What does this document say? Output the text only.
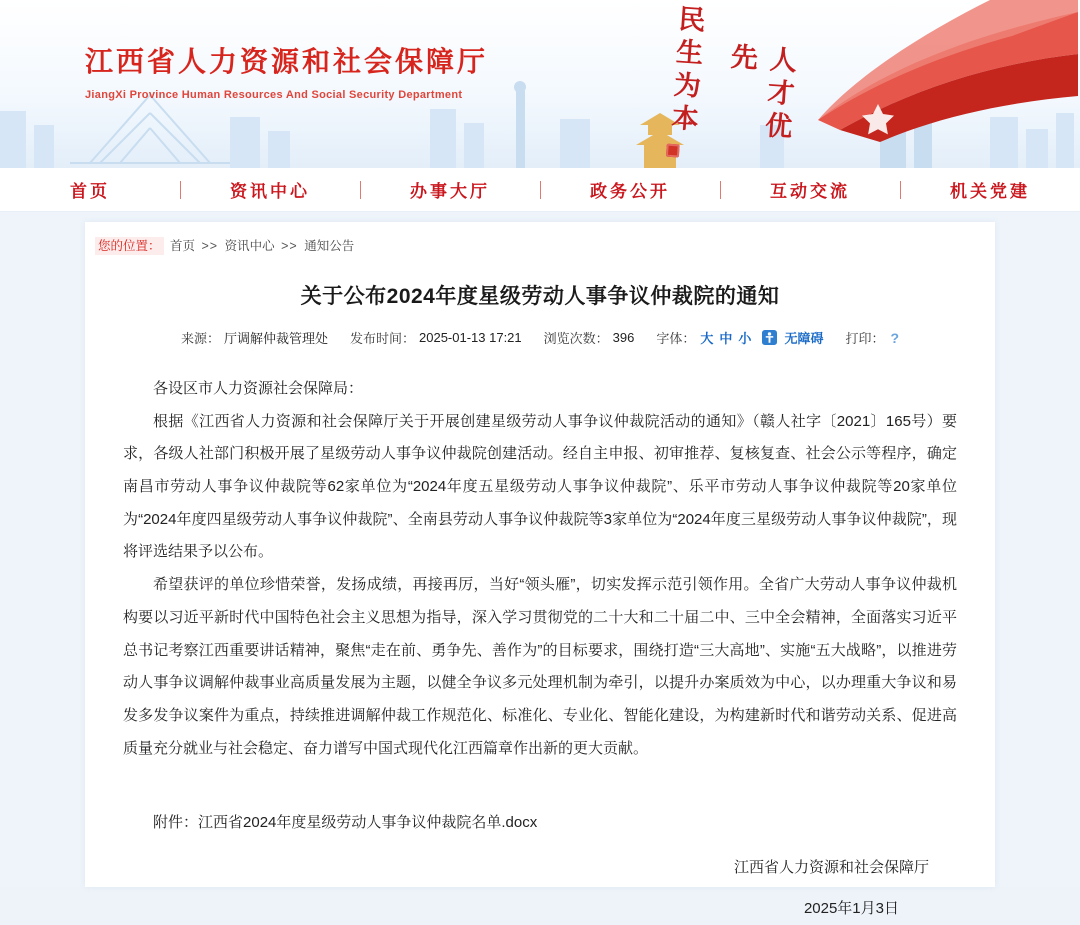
江西省人力资源和社会保障厅
JiangXi Province Human Resources And Social Security Department	民生为本	人才优先
首页	资讯中心	办事大厅	政务公开	互动交流	机关党建
您的位置： 首页 >> 资讯中心 >> 通知公告
关于公布2024年度星级劳动人事争议仲裁院的通知
来源： 厅调解仲裁管理处 发布时间： 2025-01-13 17:21 浏览次数： 396 字体： 大 中 小	无障碍 打印： ?

各设区市人力资源社会保障局：

根据《江西省人力资源和社会保障厅关于开展创建星级劳动人事争议仲裁院活动的通知》（赣人社字〔2021〕165号）要求，各级人社部门积极开展了星级劳动人事争议仲裁院创建活动。经自主申报、初审推荐、复核复查、社会公示等程序，确定南昌市劳动人事争议仲裁院等62家单位为“2024年度五星级劳动人事争议仲裁院”、乐平市劳动人事争议仲裁院等20家单位为“2024年度四星级劳动人事争议仲裁院”、全南县劳动人事争议仲裁院等3家单位为“2024年度三星级劳动人事争议仲裁院”，现将评选结果予以公布。

希望获评的单位珍惜荣誉，发扬成绩，再接再厉，当好“领头雁”，切实发挥示范引领作用。全省广大劳动人事争议仲裁机构要以习近平新时代中国特色社会主义思想为指导，深入学习贯彻党的二十大和二十届二中、三中全会精神，全面落实习近平总书记考察江西重要讲话精神，聚焦“走在前、勇争先、善作为”的目标要求，围绕打造“三大高地”、实施“五大战略”，以推进劳动人事争议调解仲裁事业高质量发展为主题，以健全争议多元处理机制为牵引，以提升办案质效为中心，以办理重大争议和易发多发争议案件为重点，持续推进调解仲裁工作规范化、标准化、专业化、智能化建设，为构建新时代和谐劳动关系、促进高质量充分就业与社会稳定、奋力谱写中国式现代化江西篇章作出新的更大贡献。

附件：江西省2024年度星级劳动人事争议仲裁院名单.docx

江西省人力资源和社会保障厅

2025年1月3日
